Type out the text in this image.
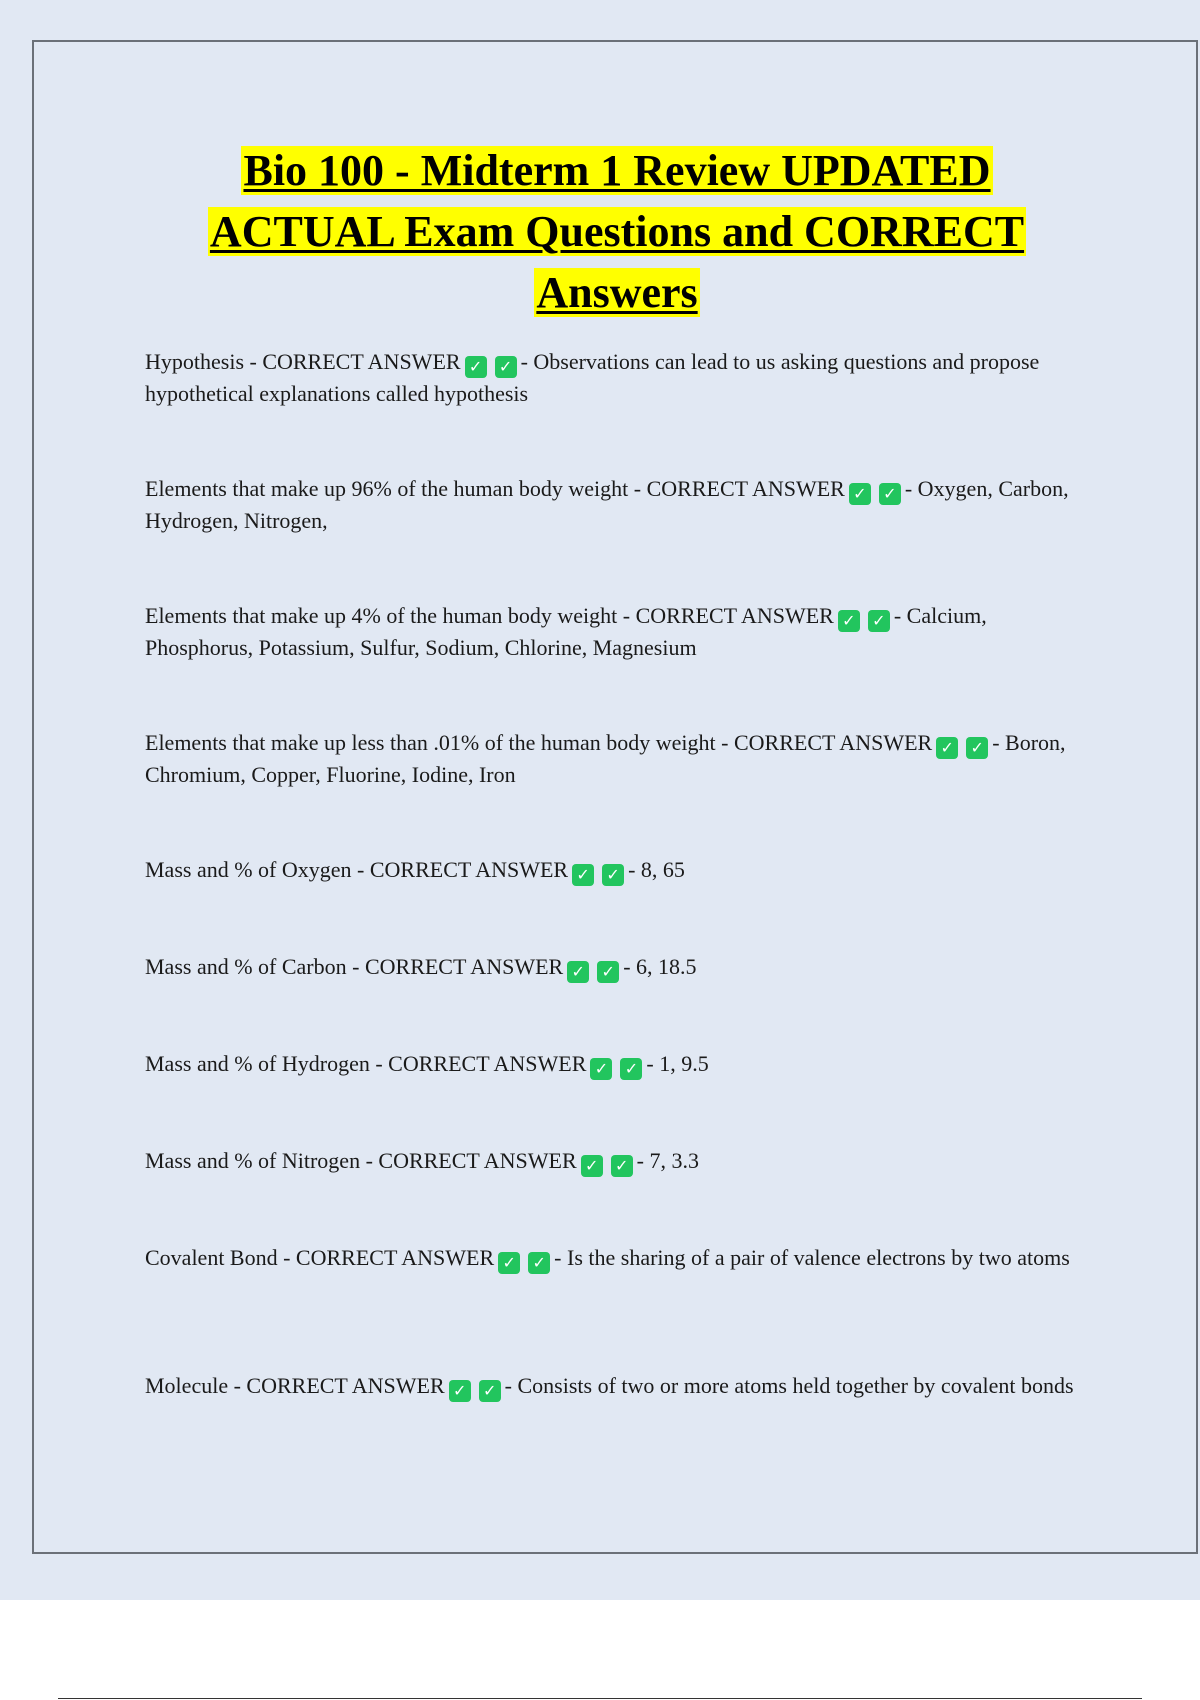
Bio 100 - Midterm 1 Review UPDATED
ACTUAL Exam Questions and CORRECT
Answers
Hypothesis - CORRECT ANSWER ✓ ✓ - Observations can lead to us asking questions and propose hypothetical explanations called hypothesis
Elements that make up 96% of the human body weight - CORRECT ANSWER ✓ ✓ - Oxygen, Carbon, Hydrogen, Nitrogen,
Elements that make up 4% of the human body weight - CORRECT ANSWER ✓ ✓ - Calcium, Phosphorus, Potassium, Sulfur, Sodium, Chlorine, Magnesium
Elements that make up less than .01% of the human body weight - CORRECT ANSWER ✓ ✓ - Boron, Chromium, Copper, Fluorine, Iodine, Iron
Mass and % of Oxygen - CORRECT ANSWER ✓ ✓ - 8, 65
Mass and % of Carbon - CORRECT ANSWER ✓ ✓ - 6, 18.5
Mass and % of Hydrogen - CORRECT ANSWER ✓ ✓ - 1, 9.5
Mass and % of Nitrogen - CORRECT ANSWER ✓ ✓ - 7, 3.3
Covalent Bond - CORRECT ANSWER ✓ ✓ - Is the sharing of a pair of valence electrons by two atoms
Molecule - CORRECT ANSWER ✓ ✓ - Consists of two or more atoms held together by covalent bonds
